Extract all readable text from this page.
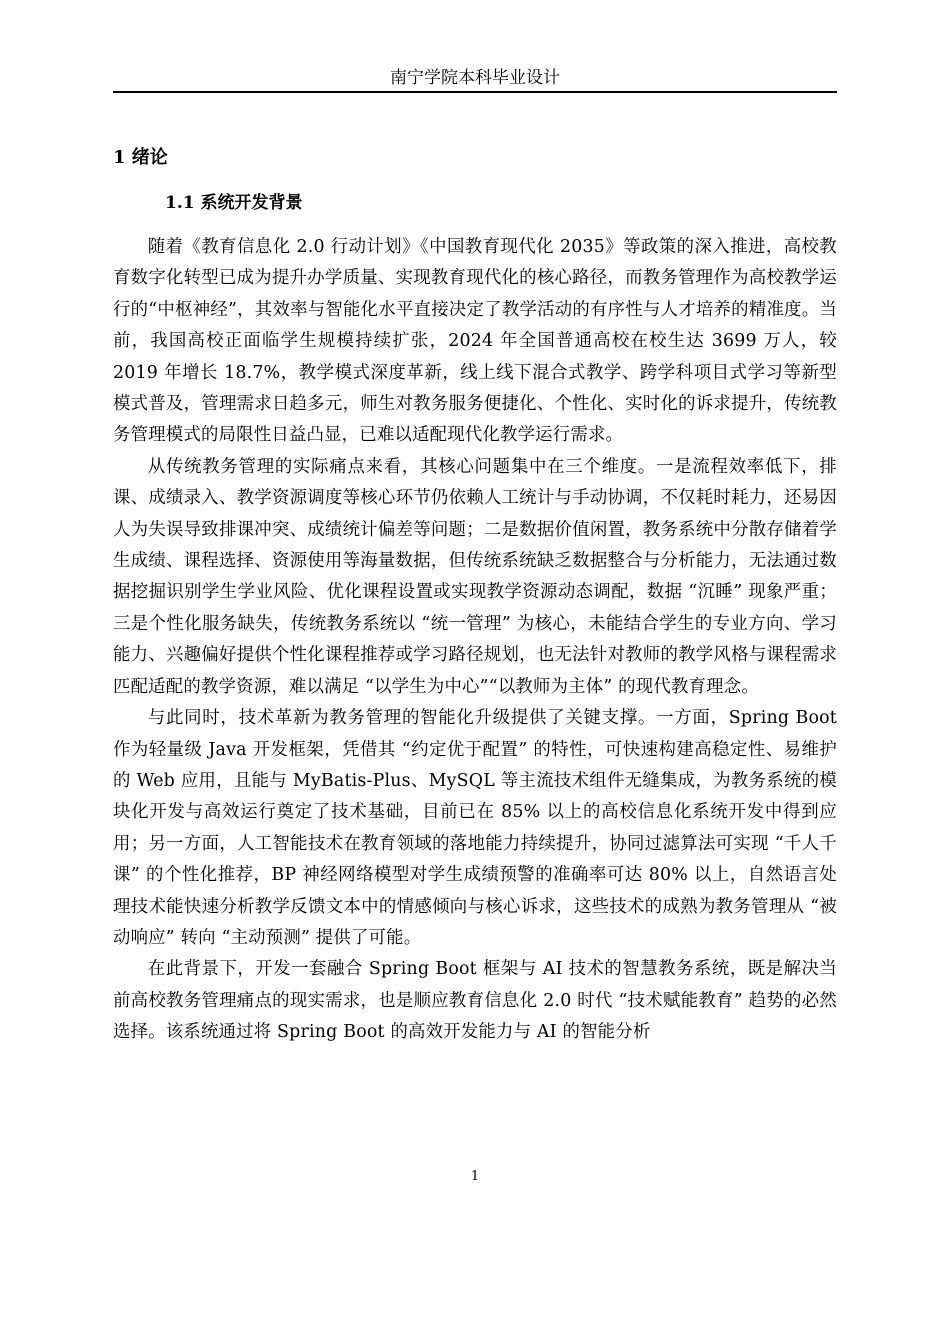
南宁学院本科毕业设计
1 绪论
1.1 系统开发背景

随着《教育信息化 2.0 行动计划》《中国教育现代化 2035》等政策的深入推进，高校教育数字化转型已成为提升办学质量、实现教育现代化的核心路径，而教务管理作为高校教学运行的“中枢神经”，其效率与智能化水平直接决定了教学活动的有序性与人才培养的精准度。当前，我国高校正面临学生规模持续扩张，2024 年全国普通高校在校生达 3699 万人，较 2019 年增长 18.7%，教学模式深度革新，线上线下混合式教学、跨学科项目式学习等新型模式普及，管理需求日趋多元，师生对教务服务便捷化、个性化、实时化的诉求提升，传统教务管理模式的局限性日益凸显，已难以适配现代化教学运行需求。

从传统教务管理的实际痛点来看，其核心问题集中在三个维度。一是流程效率低下，排课、成绩录入、教学资源调度等核心环节仍依赖人工统计与手动协调，不仅耗时耗力，还易因人为失误导致排课冲突、成绩统计偏差等问题；二是数据价值闲置，教务系统中分散存储着学生成绩、课程选择、资源使用等海量数据，但传统系统缺乏数据整合与分析能力，无法通过数据挖掘识别学生学业风险、优化课程设置或实现教学资源动态调配，数据 “沉睡” 现象严重；三是个性化服务缺失，传统教务系统以 “统一管理” 为核心，未能结合学生的专业方向、学习能力、兴趣偏好提供个性化课程推荐或学习路径规划，也无法针对教师的教学风格与课程需求匹配适配的教学资源，难以满足 “以学生为中心”“以教师为主体” 的现代教育理念。

与此同时，技术革新为教务管理的智能化升级提供了关键支撑。一方面，Spring Boot 作为轻量级 Java 开发框架，凭借其 “约定优于配置” 的特性，可快速构建高稳定性、易维护的 Web 应用，且能与 MyBatis-Plus、MySQL 等主流技术组件无缝集成，为教务系统的模块化开发与高效运行奠定了技术基础，目前已在 85% 以上的高校信息化系统开发中得到应用；另一方面，人工智能技术在教育领域的落地能力持续提升，协同过滤算法可实现 “千人千课” 的个性化推荐，BP 神经网络模型对学生成绩预警的准确率可达 80% 以上，自然语言处理技术能快速分析教学反馈文本中的情感倾向与核心诉求，这些技术的成熟为教务管理从 “被动响应” 转向 “主动预测” 提供了可能。

在此背景下，开发一套融合 Spring Boot 框架与 AI 技术的智慧教务系统，既是解决当前高校教务管理痛点的现实需求，也是顺应教育信息化 2.0 时代 “技术赋能教育” 趋势的必然选择。该系统通过将 Spring Boot 的高效开发能力与 AI 的智能分析

1
